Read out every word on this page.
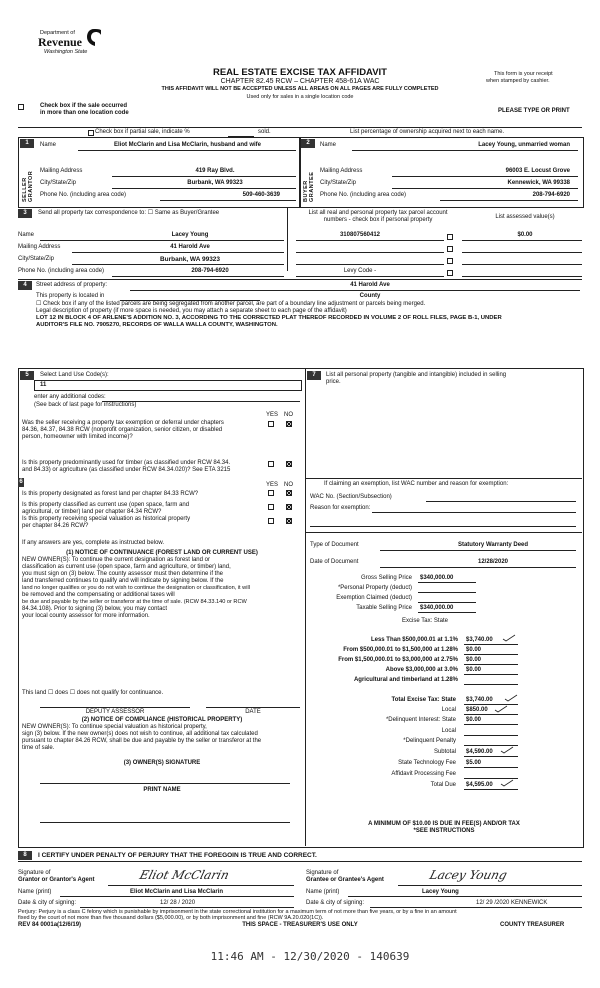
Department of
Revenue
Washington State
REAL ESTATE EXCISE TAX AFFIDAVIT
CHAPTER 82.45 RCW – CHAPTER 458-61A WAC
THIS AFFIDAVIT WILL NOT BE ACCEPTED UNLESS ALL AREAS ON ALL PAGES ARE FULLY COMPLETED
Used only for sales in a single location code
This form is your receipt
when stamped by cashier.
Check box if the sale occurred
in more than one location code	PLEASE TYPE OR PRINT
Check box if partial sale, indicate %	sold.	List percentage of ownership acquired next to each name.
1	2
SELLER GRANTOR	BUYER GRANTEE
Name	Eliot McClarin and Lisa McClarin, husband and wife
Mailing Address	419 Ray Blvd.
City/State/Zip	Burbank, WA 99323
Phone No. (including area code)	509-460-3639
Name	Lacey Young, unmarried woman
Mailing Address	96003 E. Locust Grove
City/State/Zip	Kennewick, WA 99338
Phone No. (including area code)	208-794-6920
3	Send all property tax correspondence to: ☐ Same as Buyer/Grantee	List all real and personal property tax parcel account
numbers - check box if personal property	List assessed value(s)
Name	Lacey Young
Mailing Address	41 Harold Ave
City/State/Zip	Burbank, WA 99323
Phone No. (including area code)	208-794-6920
310807560412	$0.00
Levy Code -
4	Street address of property:	41 Harold Ave
This property is located in	County
☐ Check box if any of the listed parcels are being segregated from another parcel, are part of a boundary line adjustment or parcels being merged.
Legal description of property (if more space is needed, you may attach a separate sheet to each page of the affidavit)
LOT 12 IN BLOCK 4 OF ARLENE'S ADDITION NO. 3, ACCORDING TO THE CORRECTED PLAT THEREOF RECORDED IN VOLUME 2 OF ROLL FILES, PAGE B-1, UNDER
AUDITOR'S FILE NO. 7905270, RECORDS OF WALLA WALLA COUNTY, WASHINGTON.
5	Select Land Use Code(s):
11
enter any additional codes:
(See back of last page for instructions)
YES NO
Was the seller receiving a property tax exemption or deferral under chapters
84.36, 84.37, 84.38 RCW (nonprofit organization, senior citizen, or disabled
person, homeowner with limited income)?
Is this property predominantly used for timber (as classified under RCW 84.34.
and 84.33) or agriculture (as classified under RCW 84.34.020)? See ETA 3215
6	YES NO
Is this property designated as forest land per chapter 84.33 RCW?
Is this property classified as current use (open space, farm and
agricultural, or timber) land per chapter 84.34 RCW?
Is this property receiving special valuation as historical property
per chapter 84.26 RCW?
If any answers are yes, complete as instructed below.
(1) NOTICE OF CONTINUANCE (FOREST LAND OR CURRENT USE)
NEW OWNER(S): To continue the current designation as forest land or
classification as current use (open space, farm and agriculture, or timber) land,
you must sign on (3) below. The county assessor must then determine if the
land transferred continues to qualify and will indicate by signing below. If the
land no longer qualifies or you do not wish to continue the designation or classification, it will
be removed and the compensating or additional taxes will
be due and payable by the seller or transferor at the time of sale. (RCW 84.33.140 or RCW
84.34.108). Prior to signing (3) below, you may contact
your local county assessor for more information.
This land ☐ does ☐ does not qualify for continuance.
DEPUTY ASSESSOR	DATE
(2) NOTICE OF COMPLIANCE (HISTORICAL PROPERTY)
NEW OWNER(S): To continue special valuation as historical property,
sign (3) below. If the new owner(s) does not wish to continue, all additional tax calculated
pursuant to chapter 84.26 RCW, shall be due and payable by the seller or transferor at the
time of sale.
(3) OWNER(S) SIGNATURE
PRINT NAME
7	List all personal property (tangible and intangible) included in selling
price.
If claiming an exemption, list WAC number and reason for exemption:
WAC No. (Section/Subsection)
Reason for exemption:
Type of Document	Statutory Warranty Deed
Date of Document	12/28/2020
Gross Selling Price $340,000.00
*Personal Property (deduct)
Exemption Claimed (deduct)
Taxable Selling Price $340,000.00
Excise Tax: State
Less Than $500,000.01 at 1.1% $3,740.00
From $500,000.01 to $1,500,000 at 1.28% $0.00
From $1,500,000.01 to $3,000,000 at 2.75% $0.00
Above $3,000,000 at 3.0% $0.00
Agricultural and timberland at 1.28%
Total Excise Tax: State $3,740.00
Local $850.00
*Delinquent Interest: State $0.00
Local
*Delinquent Penalty
Subtotal $4,590.00
State Technology Fee $5.00
Affidavit Processing Fee
Total Due $4,595.00
A MINIMUM OF $10.00 IS DUE IN FEE(S) AND/OR TAX
*SEE INSTRUCTIONS
8	I CERTIFY UNDER PENALTY OF PERJURY THAT THE FOREGOIN IS TRUE AND CORRECT.
Signature of
Grantor or Grantor's Agent	Eliot McClarin
Name (print)	Eliot McClarin and Lisa McClarin
Date & city of signing:	12/ 28 / 2020
Signature of
Grantee or Grantee's Agent	Lacey Young
Name (print)	Lacey Young
Date & city of signing:	12/ 29 /2020 KENNEWICK
Perjury: Perjury is a class C felony which is punishable by imprisonment in the state correctional institution for a maximum term of not more than five years, or by a fine in an amount
fixed by the court of not more than five thousand dollars ($5,000.00), or by both imprisonment and fine (RCW 9A.20.020(1C)).
REV 84 0001a(12/6/19)	THIS SPACE - TREASURER'S USE ONLY	COUNTY TREASURER
11:46 AM - 12/30/2020 - 140639
